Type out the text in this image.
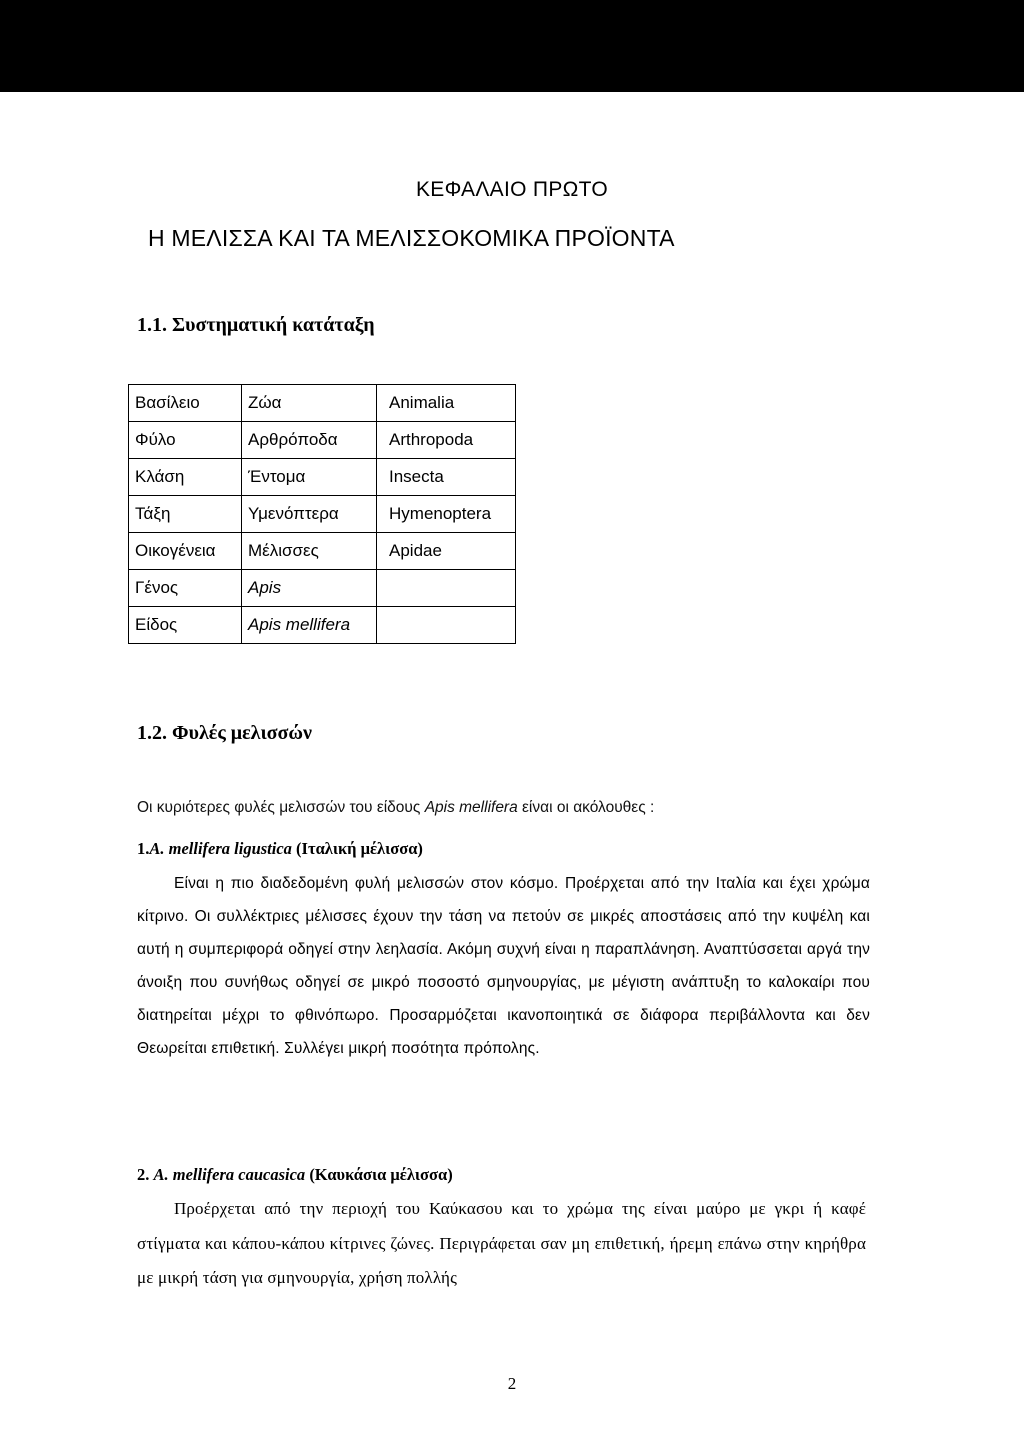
ΚΕΦΑΛΑΙΟ ΠΡΩΤΟ
Η ΜΕΛΙΣΣΑ ΚΑΙ ΤΑ ΜΕΛΙΣΣΟΚΟΜΙΚΑ ΠΡΟΪΟΝΤΑ
1.1. Συστηματική κατάταξη
Βασίλειο	Ζώα	Animalia
Φύλο	Αρθρόποδα	Arthropoda
Κλάση	Έντομα	Insecta
Τάξη	Υμενόπτερα	Hymenoptera
Οικογένεια	Μέλισσες	Apidae
Γένος	Apis	
Είδος	Apis mellifera	
1.2. Φυλές μελισσών
Οι κυριότερες φυλές μελισσών του είδους Apis mellifera είναι οι ακόλουθες :
1.A. mellifera ligustica (Ιταλική μέλισσα)
Είναι η πιο διαδεδομένη φυλή μελισσών στον κόσμο. Προέρχεται από την Ιταλία και έχει χρώμα κίτρινο. Οι συλλέκτριες μέλισσες έχουν την τάση να πετούν σε μικρές αποστάσεις από την κυψέλη και αυτή η συμπεριφορά οδηγεί στην λεηλασία. Ακόμη συχνή είναι η παραπλάνηση. Αναπτύσσεται αργά την άνοιξη που συνήθως οδηγεί σε μικρό ποσοστό σμηνουργίας, με μέγιστη ανάπτυξη το καλοκαίρι που διατηρείται μέχρι το φθινόπωρο. Προσαρμόζεται ικανοποιητικά σε διάφορα περιβάλλοντα και δεν Θεωρείται επιθετική. Συλλέγει μικρή ποσότητα πρόπολης.
2. A. mellifera caucasica (Καυκάσια μέλισσα)
Προέρχεται από την περιοχή του Καύκασου και το χρώμα της είναι μαύρο με γκρι ή καφέ στίγματα και κάπου-κάπου κίτρινες ζώνες. Περιγράφεται σαν μη επιθετική, ήρεμη επάνω στην κηρήθρα με μικρή τάση για σμηνουργία, χρήση πολλής
2
